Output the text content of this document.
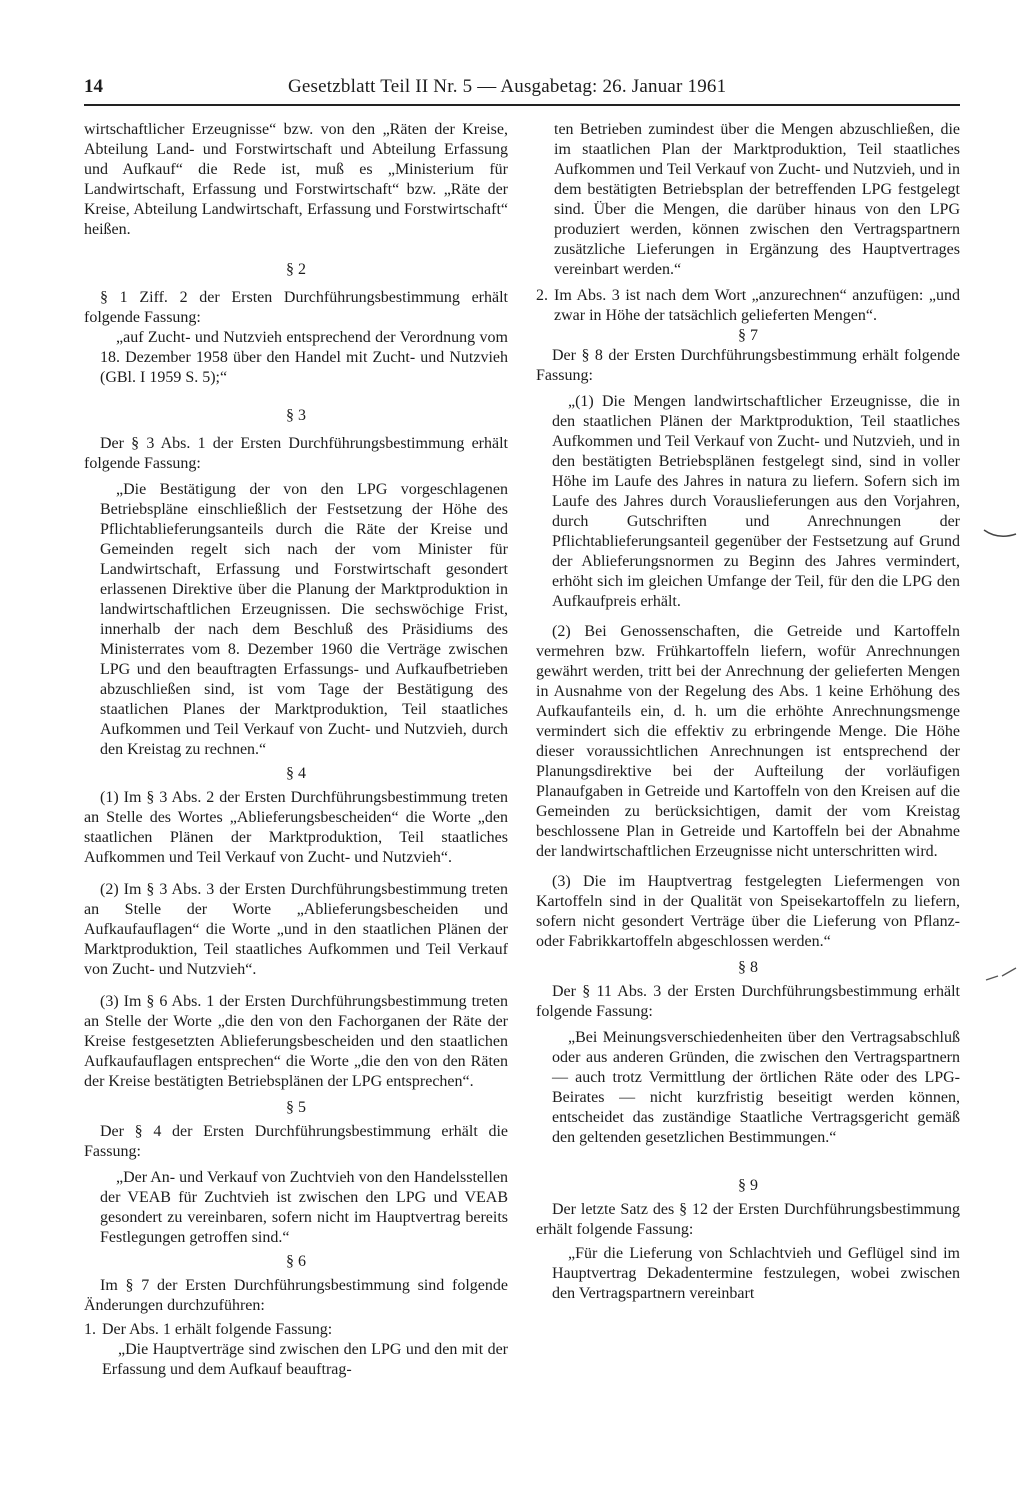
14	Gesetzblatt Teil II Nr. 5 — Ausgabetag: 26. Januar 1961

wirtschaftlicher Erzeugnisse“ bzw. von den „Räten der Kreise, Abteilung Land- und Forstwirtschaft und Abteilung Erfassung und Aufkauf“ die Rede ist, muß es „Ministerium für Landwirtschaft, Erfassung und Forstwirtschaft“ bzw. „Räte der Kreise, Abteilung Landwirtschaft, Erfassung und Forstwirtschaft“ heißen.

§ 2

§ 1 Ziff. 2 der Ersten Durchführungsbestimmung erhält folgende Fassung:

„auf Zucht- und Nutzvieh entsprechend der Verordnung vom 18. Dezember 1958 über den Handel mit Zucht- und Nutzvieh (GBl. I 1959 S. 5);“

§ 3

Der § 3 Abs. 1 der Ersten Durchführungsbestimmung erhält folgende Fassung:

„Die Bestätigung der von den LPG vorgeschlagenen Betriebspläne einschließlich der Festsetzung der Höhe des Pflichtablieferungsanteils durch die Räte der Kreise und Gemeinden regelt sich nach der vom Minister für Landwirtschaft, Erfassung und Forstwirtschaft gesondert erlassenen Direktive über die Planung der Marktproduktion in landwirtschaftlichen Erzeugnissen. Die sechswöchige Frist, innerhalb der nach dem Beschluß des Präsidiums des Ministerrates vom 8. Dezember 1960 die Verträge zwischen LPG und den beauftragten Erfassungs- und Aufkaufbetrieben abzuschließen sind, ist vom Tage der Bestätigung des staatlichen Planes der Marktproduktion, Teil staatliches Aufkommen und Teil Verkauf von Zucht- und Nutzvieh, durch den Kreistag zu rechnen.“

§ 4

(1) Im § 3 Abs. 2 der Ersten Durchführungsbestimmung treten an Stelle des Wortes „Ablieferungsbescheiden“ die Worte „den staatlichen Plänen der Marktproduktion, Teil staatliches Aufkommen und Teil Verkauf von Zucht- und Nutzvieh“.

(2) Im § 3 Abs. 3 der Ersten Durchführungsbestimmung treten an Stelle der Worte „Ablieferungsbescheiden und Aufkaufauflagen“ die Worte „und in den staatlichen Plänen der Marktproduktion, Teil staatliches Aufkommen und Teil Verkauf von Zucht- und Nutzvieh“.

(3) Im § 6 Abs. 1 der Ersten Durchführungsbestimmung treten an Stelle der Worte „die den von den Fachorganen der Räte der Kreise festgesetzten Ablieferungsbescheiden und den staatlichen Aufkaufauflagen entsprechen“ die Worte „die den von den Räten der Kreise bestätigten Betriebsplänen der LPG entsprechen“.

§ 5

Der § 4 der Ersten Durchführungsbestimmung erhält die Fassung:

„Der An- und Verkauf von Zuchtvieh von den Handelsstellen der VEAB für Zuchtvieh ist zwischen den LPG und VEAB gesondert zu vereinbaren, sofern nicht im Hauptvertrag bereits Festlegungen getroffen sind.“

§ 6

Im § 7 der Ersten Durchführungsbestimmung sind folgende Änderungen durchzuführen:

1. Der Abs. 1 erhält folgende Fassung:

„Die Hauptverträge sind zwischen den LPG und den mit der Erfassung und dem Aufkauf beauftrag-

ten Betrieben zumindest über die Mengen abzuschließen, die im staatlichen Plan der Marktproduktion, Teil staatliches Aufkommen und Teil Verkauf von Zucht- und Nutzvieh, und in dem bestätigten Betriebsplan der betreffenden LPG festgelegt sind. Über die Mengen, die darüber hinaus von den LPG produziert werden, können zwischen den Vertragspartnern zusätzliche Lieferungen in Ergänzung des Hauptvertrages vereinbart werden.“

2. Im Abs. 3 ist nach dem Wort „anzurechnen“ anzufügen: „und zwar in Höhe der tatsächlich gelieferten Mengen“.

§ 7

Der § 8 der Ersten Durchführungsbestimmung erhält folgende Fassung:

„(1) Die Mengen landwirtschaftlicher Erzeugnisse, die in den staatlichen Plänen der Marktproduktion, Teil staatliches Aufkommen und Teil Verkauf von Zucht- und Nutzvieh, und in den bestätigten Betriebsplänen festgelegt sind, sind in voller Höhe im Laufe des Jahres in natura zu liefern. Sofern sich im Laufe des Jahres durch Vorauslieferungen aus den Vorjahren, durch Gutschriften und Anrechnungen der Pflichtablieferungsanteil gegenüber der Festsetzung auf Grund der Ablieferungsnormen zu Beginn des Jahres vermindert, erhöht sich im gleichen Umfange der Teil, für den die LPG den Aufkaufpreis erhält.

(2) Bei Genossenschaften, die Getreide und Kartoffeln vermehren bzw. Frühkartoffeln liefern, wofür Anrechnungen gewährt werden, tritt bei der Anrechnung der gelieferten Mengen in Ausnahme von der Regelung des Abs. 1 keine Erhöhung des Aufkaufanteils ein, d. h. um die erhöhte Anrechnungsmenge vermindert sich die effektiv zu erbringende Menge. Die Höhe dieser voraussichtlichen Anrechnungen ist entsprechend der Planungsdirektive bei der Aufteilung der vorläufigen Planaufgaben in Getreide und Kartoffeln von den Kreisen auf die Gemeinden zu berücksichtigen, damit der vom Kreistag beschlossene Plan in Getreide und Kartoffeln bei der Abnahme der landwirtschaftlichen Erzeugnisse nicht unterschritten wird.

(3) Die im Hauptvertrag festgelegten Liefermengen von Kartoffeln sind in der Qualität von Speisekartoffeln zu liefern, sofern nicht gesondert Verträge über die Lieferung von Pflanz- oder Fabrikkartoffeln abgeschlossen werden.“

§ 8

Der § 11 Abs. 3 der Ersten Durchführungsbestimmung erhält folgende Fassung:

„Bei Meinungsverschiedenheiten über den Vertragsabschluß oder aus anderen Gründen, die zwischen den Vertragspartnern — auch trotz Vermittlung der örtlichen Räte oder des LPG-Beirates — nicht kurzfristig beseitigt werden können, entscheidet das zuständige Staatliche Vertragsgericht gemäß den geltenden gesetzlichen Bestimmungen.“

§ 9

Der letzte Satz des § 12 der Ersten Durchführungsbestimmung erhält folgende Fassung:

„Für die Lieferung von Schlachtvieh und Geflügel sind im Hauptvertrag Dekadentermine festzulegen, wobei zwischen den Vertragspartnern vereinbart
